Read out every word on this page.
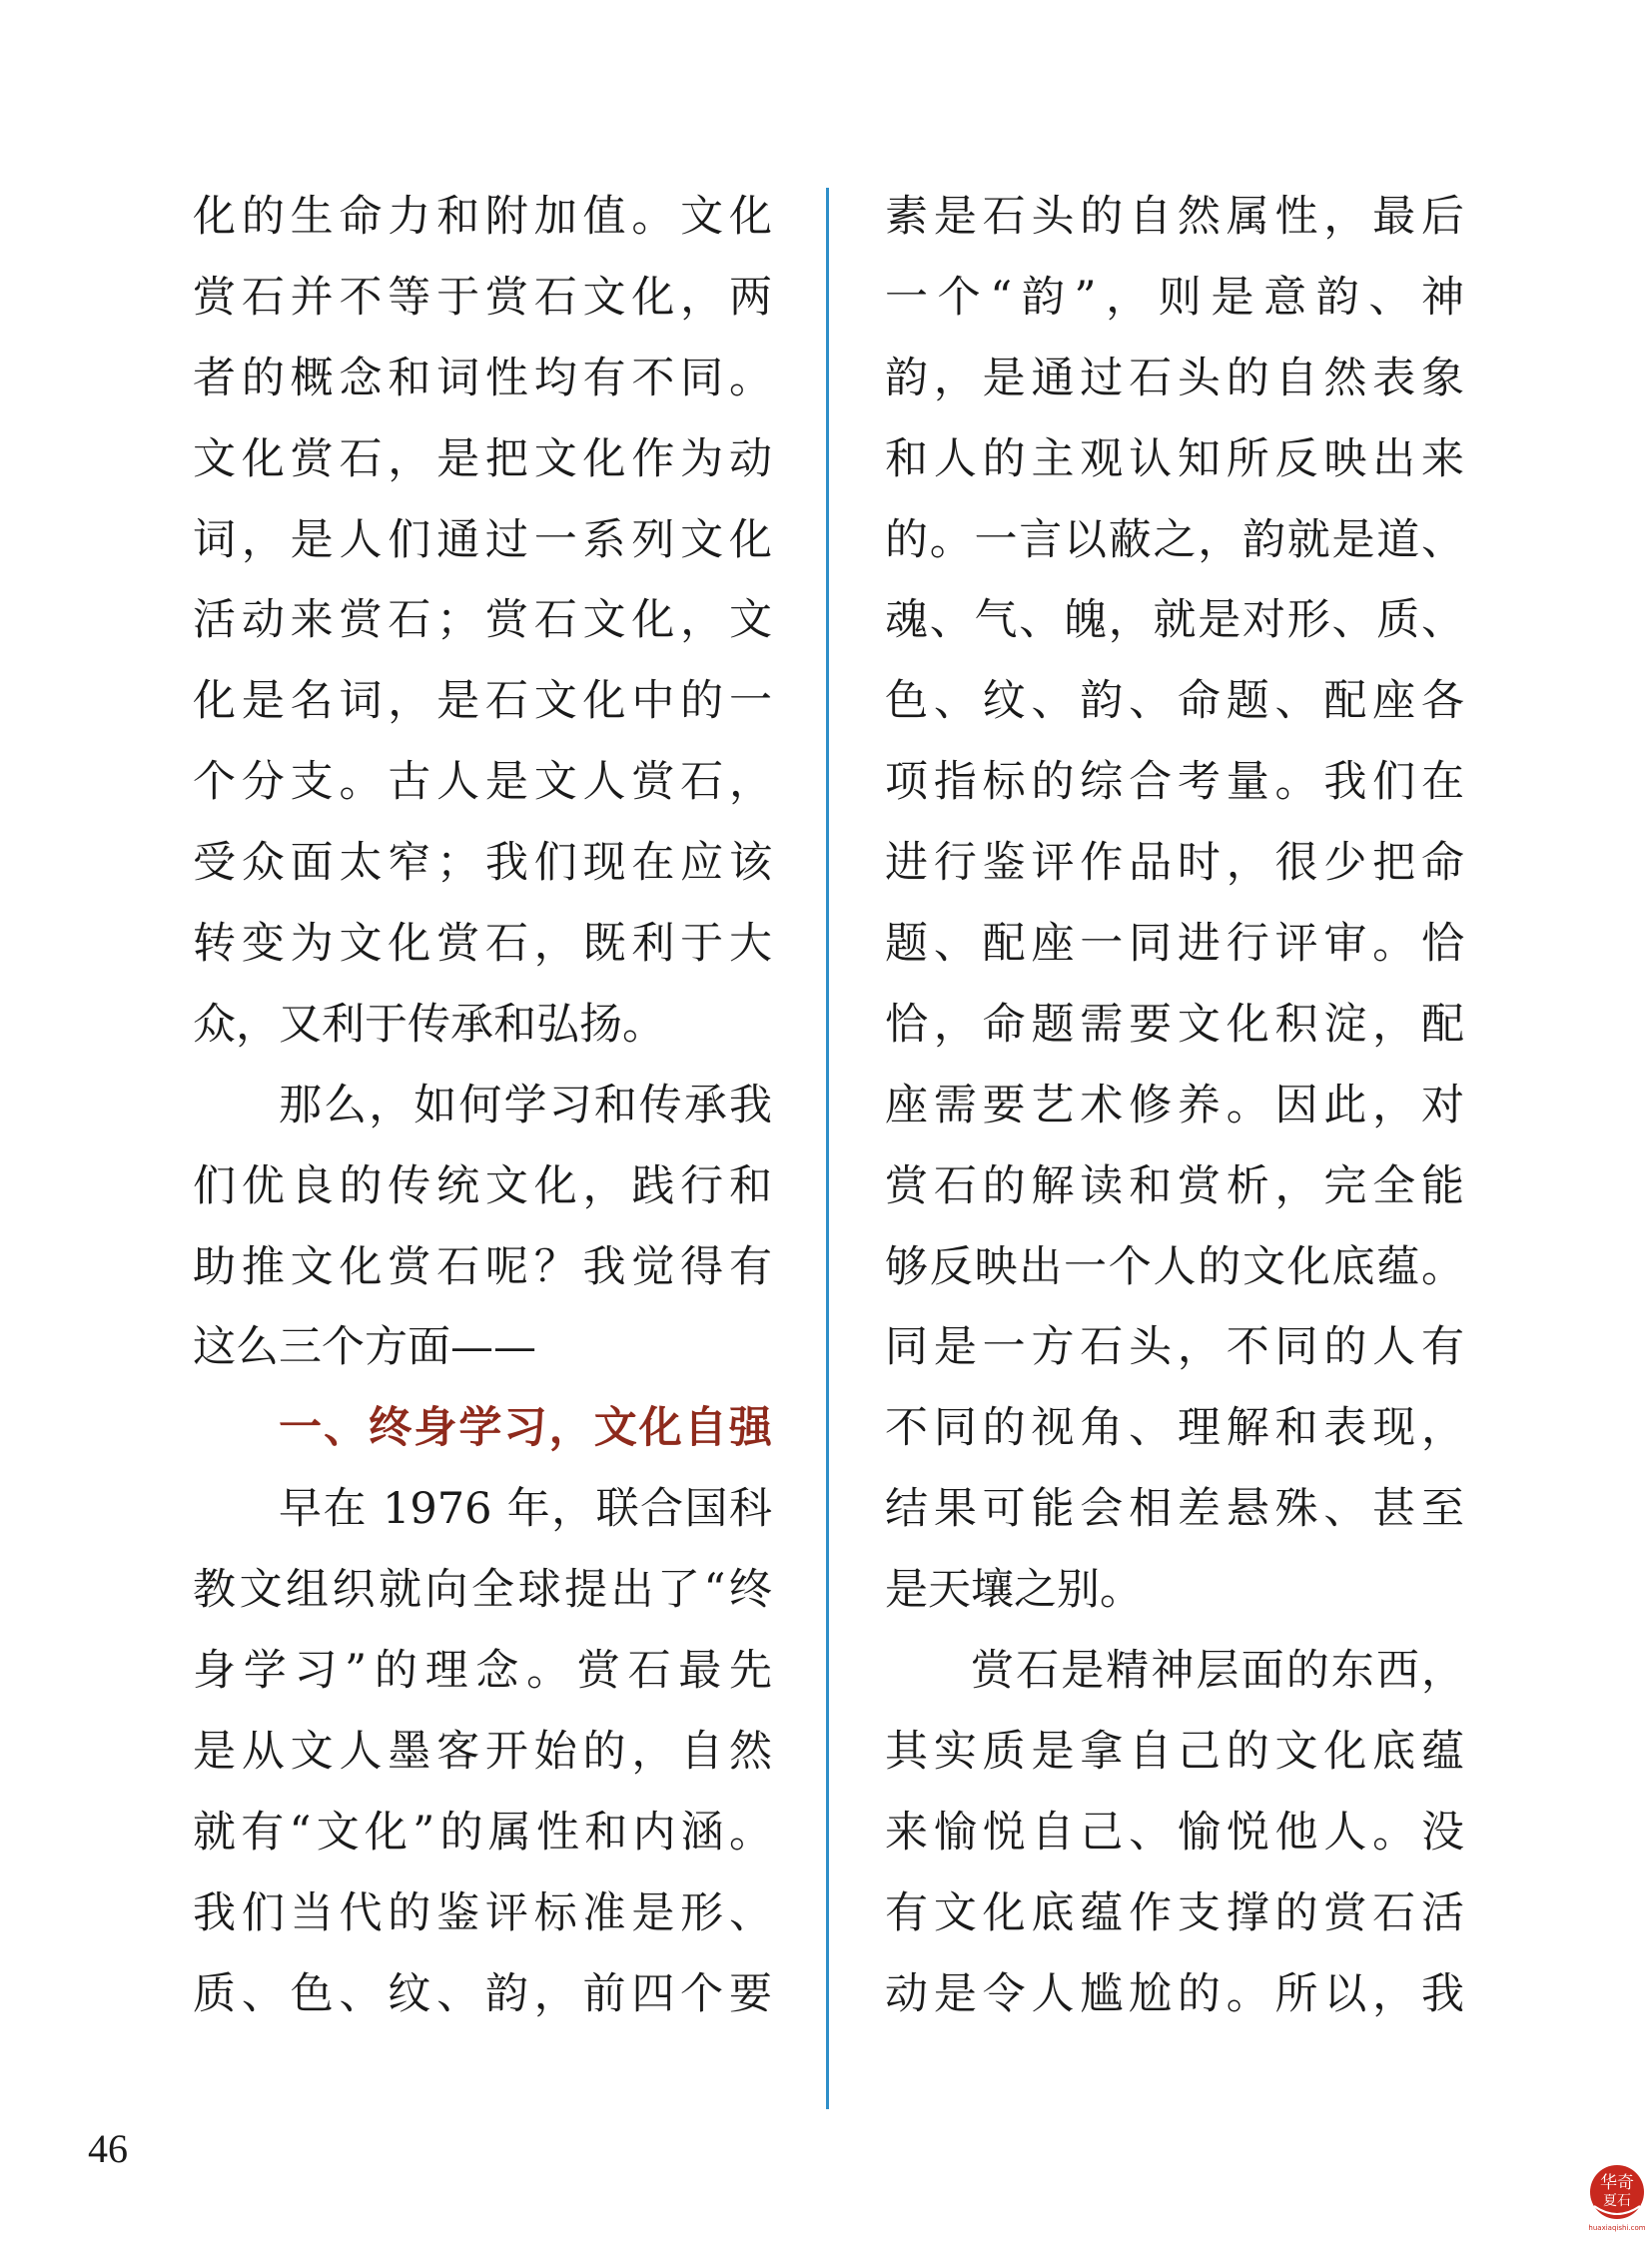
化的生命力和附加值。文化
赏石并不等于赏石文化，两
者的概念和词性均有不同。
文化赏石，是把文化作为动
词，是人们通过一系列文化
活动来赏石；赏石文化，文
化是名词，是石文化中的一
个分支。古人是文人赏石，
受众面太窄；我们现在应该
转变为文化赏石，既利于大
众，又利于传承和弘扬。
那么，如何学习和传承我
们优良的传统文化，践行和
助推文化赏石呢？我觉得有
这么三个方面——
一、终身学习，文化自强
早在 1976 年，联合国科
教文组织就向全球提出了“终
身学习”的理念。赏石最先
是从文人墨客开始的，自然
就有“文化”的属性和内涵。
我们当代的鉴评标准是形、
质、色、纹、韵，前四个要
素是石头的自然属性，最后
一个“韵”，则是意韵、神
韵，是通过石头的自然表象
和人的主观认知所反映出来
的。一言以蔽之，韵就是道、
魂、气、魄，就是对形、质、
色、纹、韵、命题、配座各
项指标的综合考量。我们在
进行鉴评作品时，很少把命
题、配座一同进行评审。恰
恰，命题需要文化积淀，配
座需要艺术修养。因此，对
赏石的解读和赏析，完全能
够反映出一个人的文化底蕴。
同是一方石头，不同的人有
不同的视角、理解和表现，
结果可能会相差悬殊、甚至
是天壤之别。
赏石是精神层面的东西，
其实质是拿自己的文化底蕴
来愉悦自己、愉悦他人。没
有文化底蕴作支撑的赏石活
动是令人尴尬的。所以，我
46
华奇
夏石
huaxiaqishi.com
